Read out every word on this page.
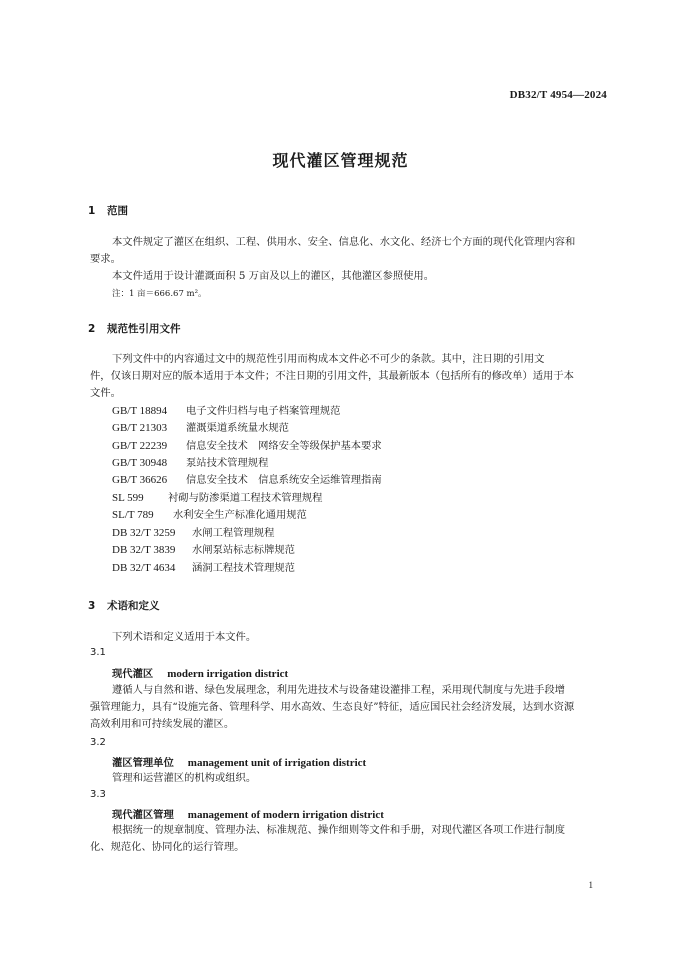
DB32/T 4954—2024
现代灌区管理规范
1 范围
本文件规定了灌区在组织、工程、供用水、安全、信息化、水文化、经济七个方面的现代化管理内容和
要求。
本文件适用于设计灌溉面积 5 万亩及以上的灌区，其他灌区参照使用。
注：1 亩＝666.67 m²。
2 规范性引用文件
下列文件中的内容通过文中的规范性引用而构成本文件必不可少的条款。其中，注日期的引用文
件，仅该日期对应的版本适用于本文件；不注日期的引用文件，其最新版本（包括所有的修改单）适用于本
文件。
GB/T 18894 电子文件归档与电子档案管理规范
GB/T 21303 灌溉渠道系统量水规范
GB/T 22239 信息安全技术　网络安全等级保护基本要求
GB/T 30948 泵站技术管理规程
GB/T 36626 信息安全技术　信息系统安全运维管理指南
SL 599 衬砌与防渗渠道工程技术管理规程
SL/T 789 水利安全生产标准化通用规范
DB 32/T 3259 水闸工程管理规程
DB 32/T 3839 水闸泵站标志标牌规范
DB 32/T 4634 涵洞工程技术管理规范
3 术语和定义
下列术语和定义适用于本文件。
3.1
现代灌区 modern irrigation district
遵循人与自然和谐、绿色发展理念，利用先进技术与设备建设灌排工程，采用现代制度与先进手段增
强管理能力，具有“设施完备、管理科学、用水高效、生态良好”特征，适应国民社会经济发展，达到水资源
高效利用和可持续发展的灌区。
3.2
灌区管理单位 management unit of irrigation district
管理和运营灌区的机构或组织。
3.3
现代灌区管理 management of modern irrigation district
根据统一的规章制度、管理办法、标准规范、操作细则等文件和手册，对现代灌区各项工作进行制度
化、规范化、协同化的运行管理。
1
